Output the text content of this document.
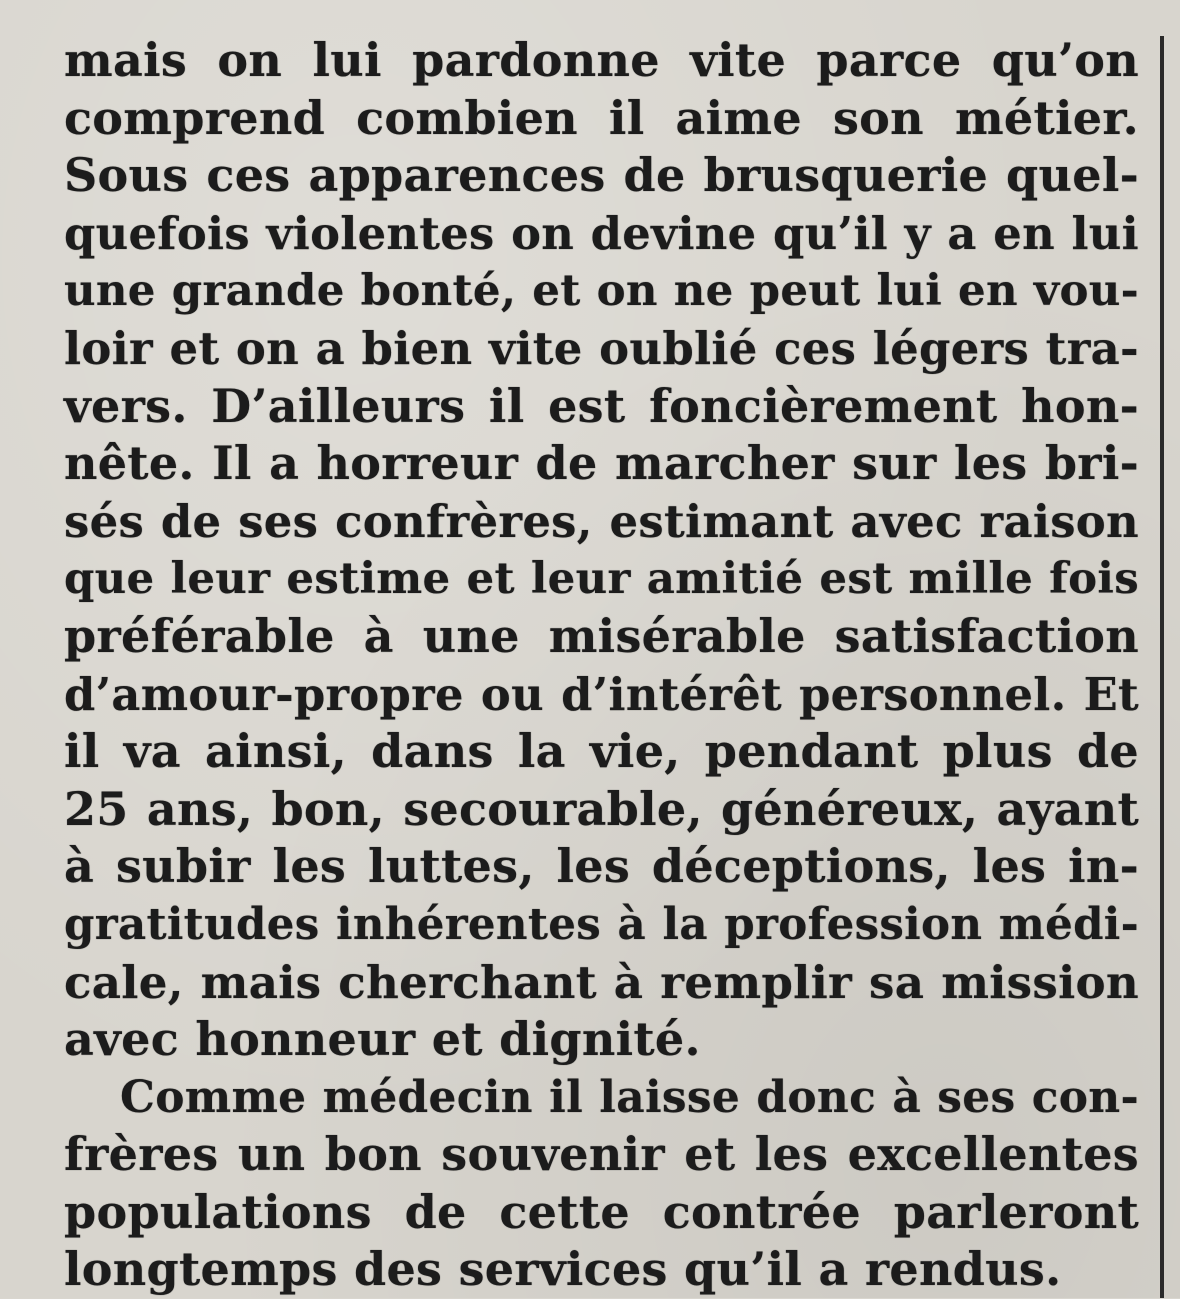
mais on lui pardonne vite parce qu’on
comprend combien il aime son métier.
Sous ces apparences de brusquerie quel-
quefois violentes on devine qu’il y a en lui
une grande bonté, et on ne peut lui en vou-
loir et on a bien vite oublié ces légers tra-
vers. D’ailleurs il est foncièrement hon-
nête. Il a horreur de marcher sur les bri-
sés de ses confrères, estimant avec raison
que leur estime et leur amitié est mille fois
préférable à une misérable satisfaction
d’amour-propre ou d’intérêt personnel. Et
il va ainsi, dans la vie, pendant plus de
25 ans, bon, secourable, généreux, ayant
à subir les luttes, les déceptions, les in-
gratitudes inhérentes à la profession médi-
cale, mais cherchant à remplir sa mission
avec honneur et dignité.
Comme médecin il laisse donc à ses con-
frères un bon souvenir et les excellentes
populations de cette contrée parleront
longtemps des services qu’il a rendus.
